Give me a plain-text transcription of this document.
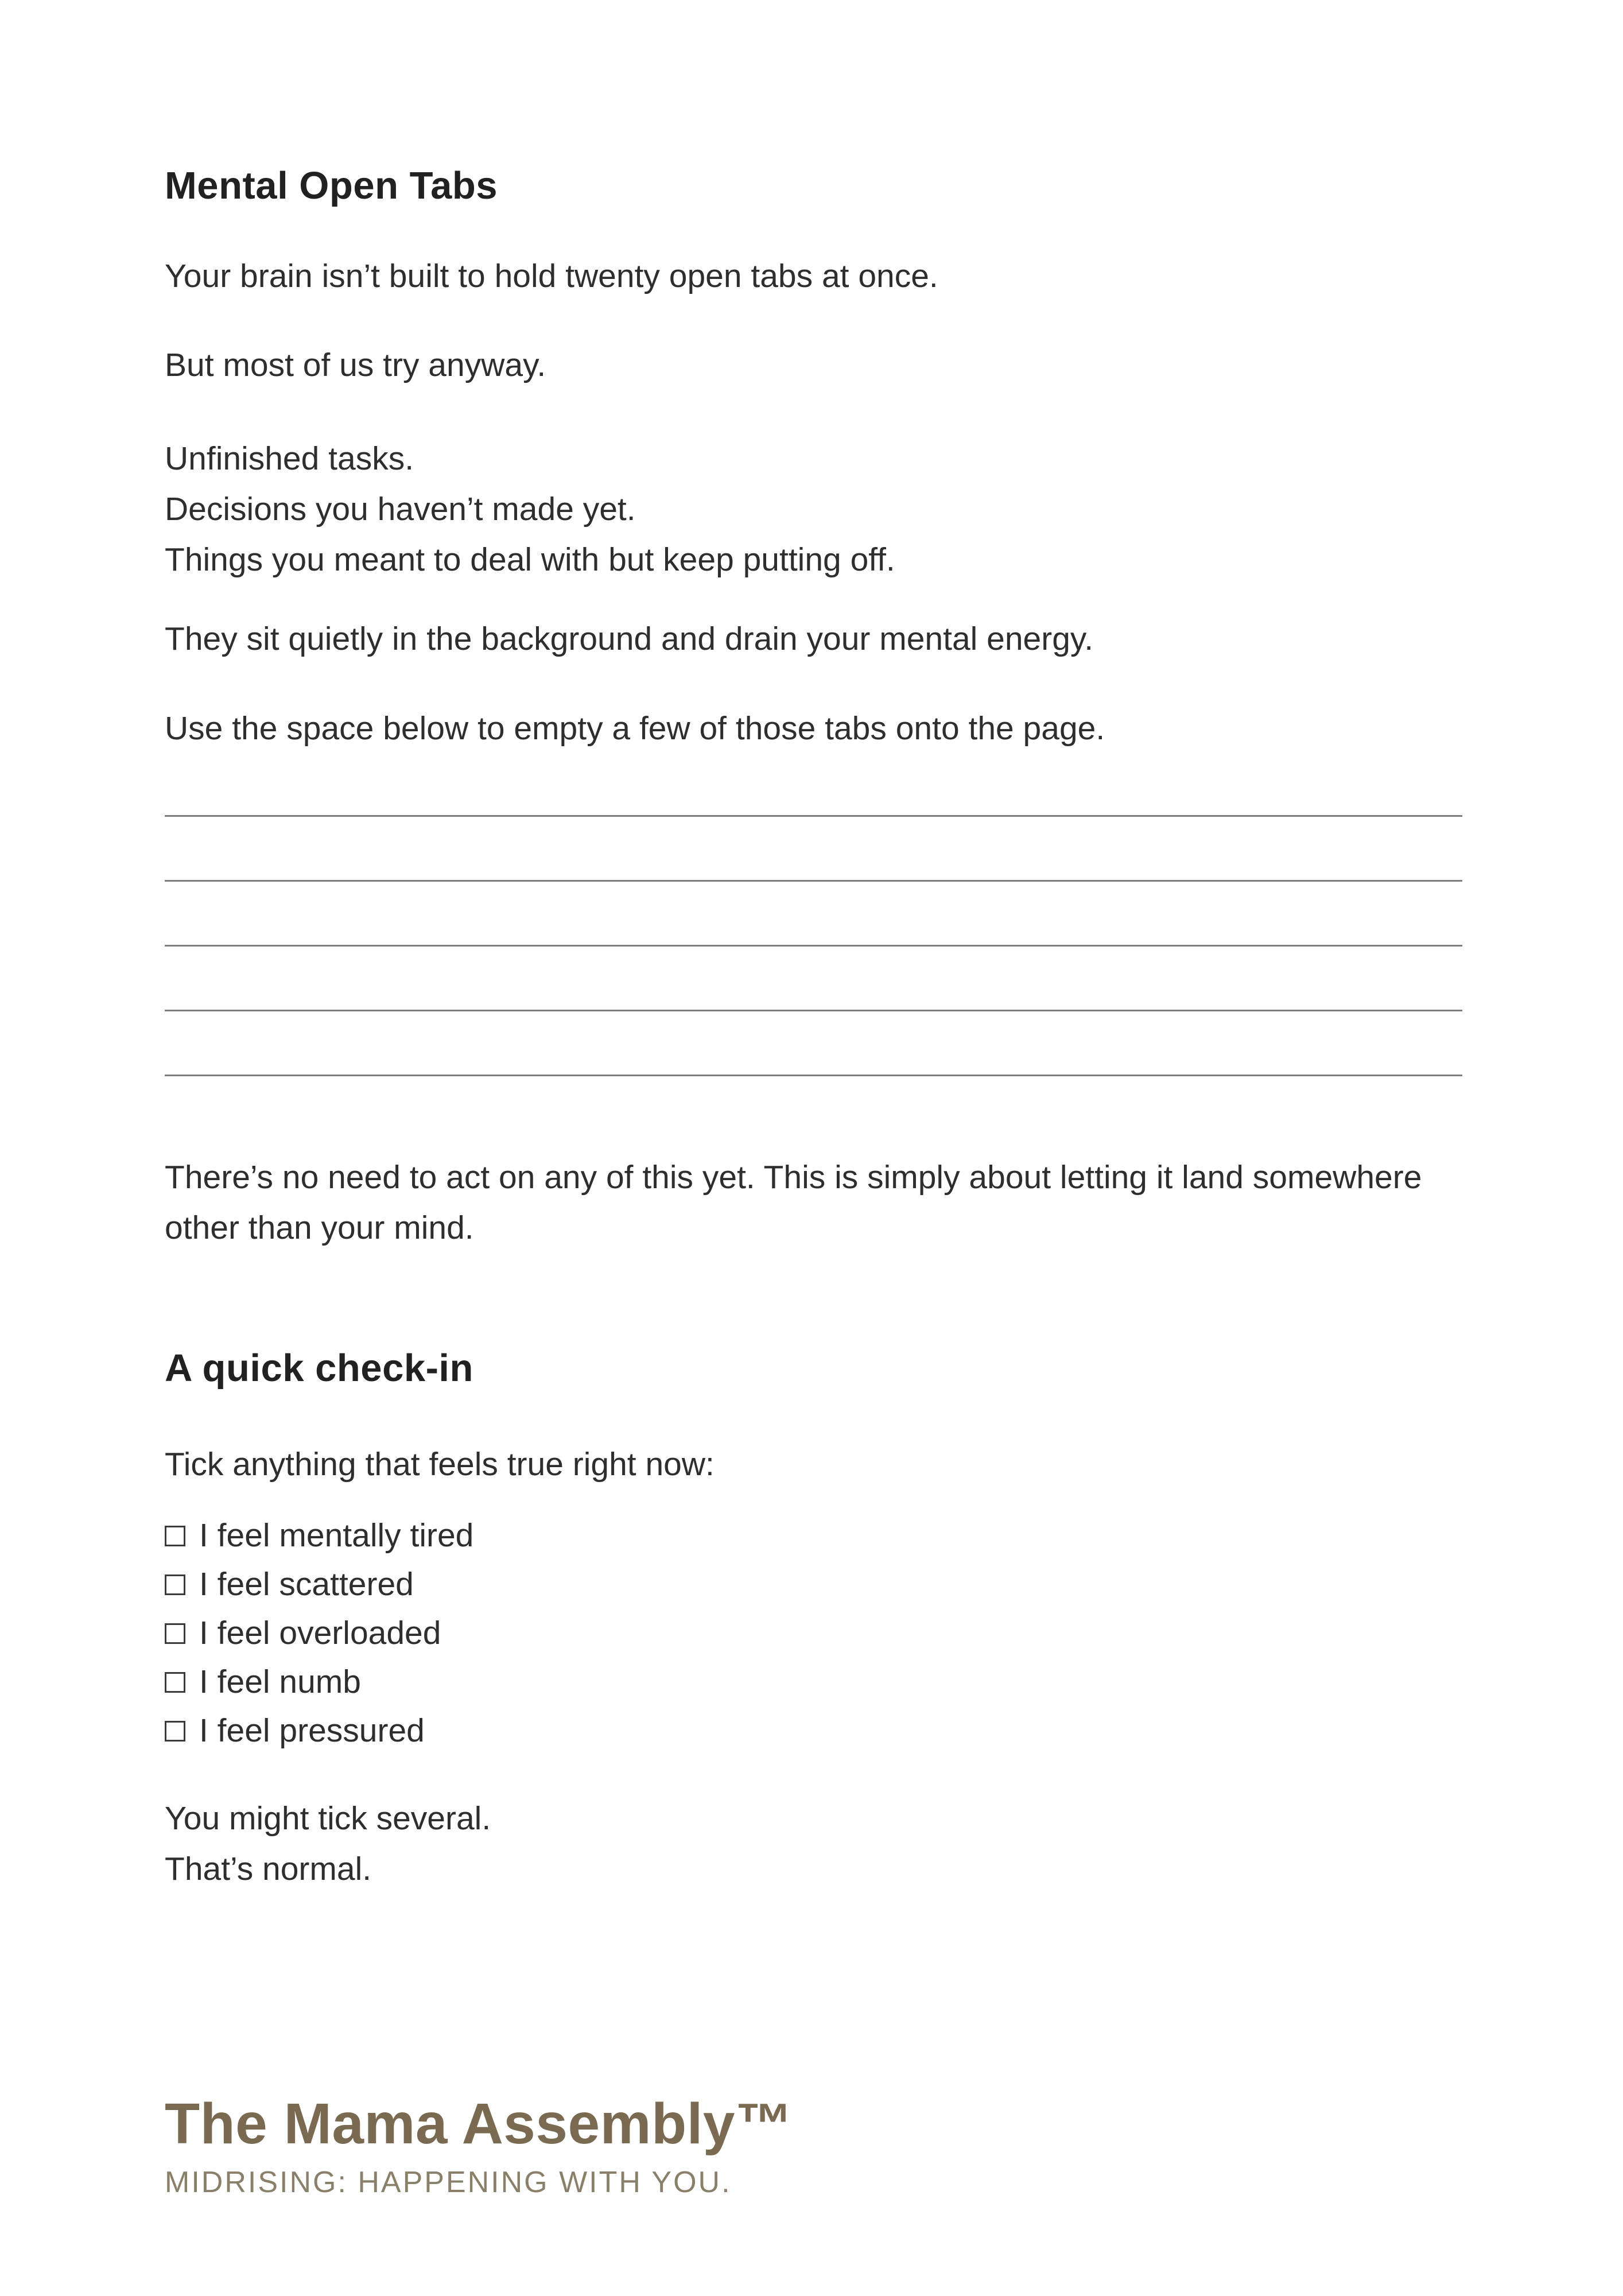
Mental Open Tabs
Your brain isn’t built to hold twenty open tabs at once.
But most of us try anyway.
Unfinished tasks.
Decisions you haven’t made yet.
Things you meant to deal with but keep putting off.
They sit quietly in the background and drain your mental energy.
Use the space below to empty a few of those tabs onto the page.
There’s no need to act on any of this yet. This is simply about letting it land somewhere other than your mind.
A quick check-in
Tick anything that feels true right now:
I feel mentally tired
I feel scattered
I feel overloaded
I feel numb
I feel pressured
You might tick several.
That’s normal.
The Mama Assembly™
MIDRISING: HAPPENING WITH YOU.
